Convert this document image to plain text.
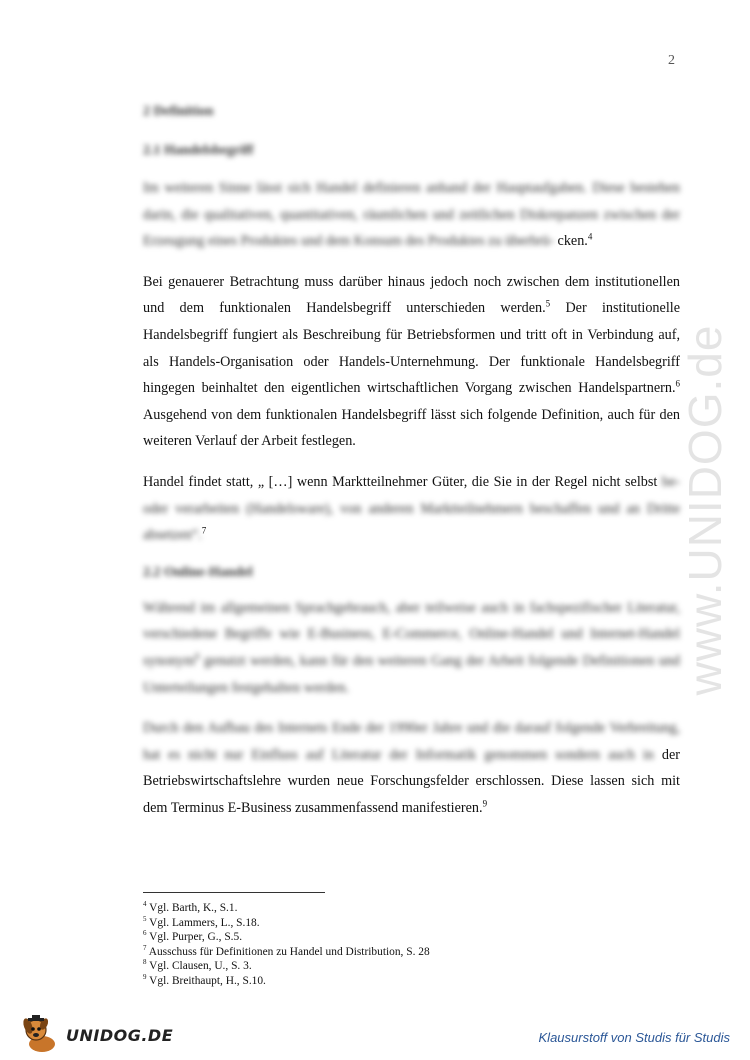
2
www.UNIDOG.de
2 Definition
2.1 Handelsbegriff

Im weiteren Sinne lässt sich Handel definieren anhand der Hauptaufgaben. Diese bestehen darin, die qualitativen, quantitativen, räumlichen und zeitlichen Diskrepanzen zwischen der Erzeugung eines Produktes und dem Konsum des Produktes zu überbrü- cken.$^4$

Bei genauerer Betrachtung muss darüber hinaus jedoch noch zwischen dem institutionellen und dem funktionalen Handelsbegriff unterschieden werden.$^5$ Der institutionelle Handelsbegriff fungiert als Beschreibung für Betriebsformen und tritt oft in Verbindung auf, als Handels-Organisation oder Handels-Unternehmung. Der funktionale Handelsbegriff hingegen beinhaltet den eigentlichen wirtschaftlichen Vorgang zwischen Handelspartnern.$^6$ Ausgehend von dem funktionalen Handelsbegriff lässt sich folgende Definition, auch für den weiteren Verlauf der Arbeit festlegen.

Handel findet statt, „ […] wenn Marktteilnehmer Güter, die Sie in der Regel nicht selbst be- oder verarbeiten (Handelsware), von anderen Marktteilnehmern beschaffen und an Dritte absetzen“.$^7$

2.2 Online-Handel

Während im allgemeinen Sprachgebrauch, aber teilweise auch in fachspezifischer Literatur, verschiedene Begriffe wie E-Business, E-Commerce, Online-Handel und Internet-Handel synonym$^8$ genutzt werden, kann für den weiteren Gang der Arbeit folgende Definitionen und Unterteilungen festgehalten werden.

Durch den Aufbau des Internets Ende der 1990er Jahre und die darauf folgende Verbreitung, hat es nicht nur Einfluss auf Literatur der Informatik genommen sondern auch in der Betriebswirtschaftslehre wurden neue Forschungsfelder erschlossen. Diese lassen sich mit dem Terminus E-Business zusammenfassend manifestieren.$^9$

$^4$ Vgl. Barth, K., S.1.

$^5$ Vgl. Lammers, L., S.18.

$^6$ Vgl. Purper, G., S.5.

$^7$ Ausschuss für Definitionen zu Handel und Distribution, S. 28

$^8$ Vgl. Clausen, U., S. 3.

$^9$ Vgl. Breithaupt, H., S.10.

UNIDOG.DE	Klausurstoff von Studis für Studis
